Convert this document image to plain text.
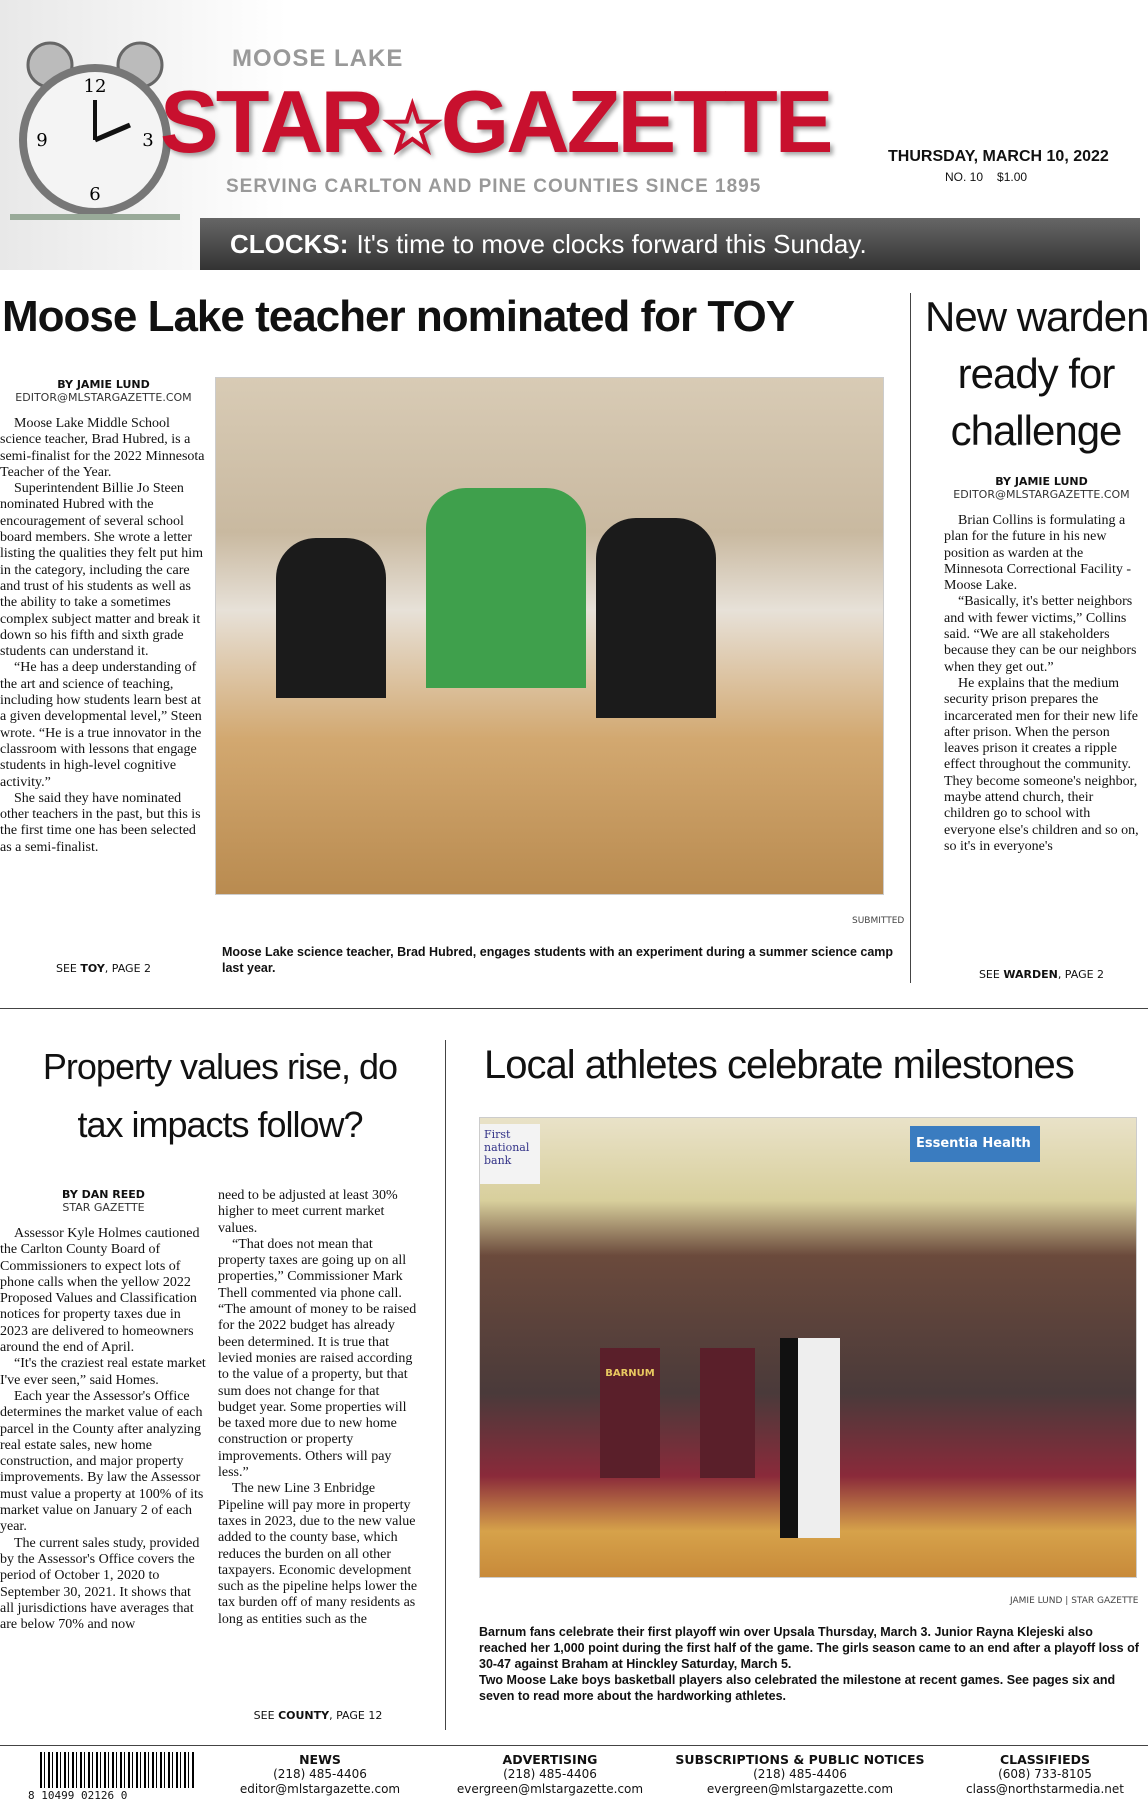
12
3
6
9
MOOSE LAKE
STAR☆GAZETTE
SERVING CARLTON AND PINE COUNTIES SINCE 1895
THURSDAY, MARCH 10, 2022
NO. 10 $1.00
CLOCKS: It's time to move clocks forward this Sunday.
Moose Lake teacher nominated for TOY
BY JAMIE LUND
EDITOR@MLSTARGAZETTE.COM

Moose Lake Middle School science teacher, Brad Hubred, is a semi-finalist for the 2022 Minnesota Teacher of the Year.

Superintendent Billie Jo Steen nominated Hubred with the encouragement of several school board members. She wrote a letter listing the qualities they felt put him in the category, including the care and trust of his students as well as the ability to take a sometimes complex subject matter and break it down so his fifth and sixth grade students can understand it.

“He has a deep understanding of the art and science of teaching, including how students learn best at a given developmental level,” Steen wrote. “He is a true innovator in the classroom with lessons that engage students in high-level cognitive activity.”

She said they have nominated other teachers in the past, but this is the first time one has been selected as a semi-finalist.

SEE TOY, PAGE 2
SUBMITTED
Moose Lake science teacher, Brad Hubred, engages students with an experiment during a summer science camp last year.
New warden
ready for
challenge
BY JAMIE LUND
EDITOR@MLSTARGAZETTE.COM

Brian Collins is formulating a plan for the future in his new position as warden at the Minnesota Correctional Facility - Moose Lake.

“Basically, it's better neighbors and with fewer victims,” Collins said. “We are all stakeholders because they can be our neighbors when they get out.”

He explains that the medium security prison prepares the incarcerated men for their new life after prison. When the person leaves prison it creates a ripple effect throughout the community. They become someone's neighbor, maybe attend church, their children go to school with everyone else's children and so on, so it's in everyone's

SEE WARDEN, PAGE 2
Property values rise, do
tax impacts follow?
BY DAN REED
STAR GAZETTE

Assessor Kyle Holmes cautioned the Carlton County Board of Commissioners to expect lots of phone calls when the yellow 2022 Proposed Values and Classification notices for property taxes due in 2023 are delivered to homeowners around the end of April.

“It's the craziest real estate market I've ever seen,” said Homes.

Each year the Assessor's Office determines the market value of each parcel in the County after analyzing real estate sales, new home construction, and major property improvements. By law the Assessor must value a property at 100% of its market value on January 2 of each year.

The current sales study, provided by the Assessor's Office covers the period of October 1, 2020 to September 30, 2021. It shows that all jurisdictions have averages that are below 70% and now

need to be adjusted at least 30% higher to meet current market values.

“That does not mean that property taxes are going up on all properties,” Commissioner Mark Thell commented via phone call. “The amount of money to be raised for the 2022 budget has already been determined. It is true that levied monies are raised according to the value of a property, but that sum does not change for that budget year. Some properties will be taxed more due to new home construction or property improvements. Others will pay less.”

The new Line 3 Enbridge Pipeline will pay more in property taxes in 2023, due to the new value added to the county base, which reduces the burden on all other taxpayers. Economic development such as the pipeline helps lower the tax burden off of many residents as long as entities such as the

SEE COUNTY, PAGE 12
Local athletes celebrate milestones
First national bank
Essentia Health
BARNUM
JAMIE LUND | STAR GAZETTE
Barnum fans celebrate their first playoff win over Upsala Thursday, March 3. Junior Rayna Klejeski also reached her 1,000 point during the first half of the game. The girls season came to an end after a playoff loss of 30-47 against Braham at Hinckley Saturday, March 5.
Two Moose Lake boys basketball players also celebrated the milestone at recent games. See pages six and seven to read more about the hardworking athletes.
8 10499 02126 0
NEWS
(218) 485-4406
editor@mlstargazette.com
ADVERTISING
(218) 485-4406
evergreen@mlstargazette.com
SUBSCRIPTIONS & PUBLIC NOTICES
(218) 485-4406
evergreen@mlstargazette.com
CLASSIFIEDS
(608) 733-8105
class@northstarmedia.net
